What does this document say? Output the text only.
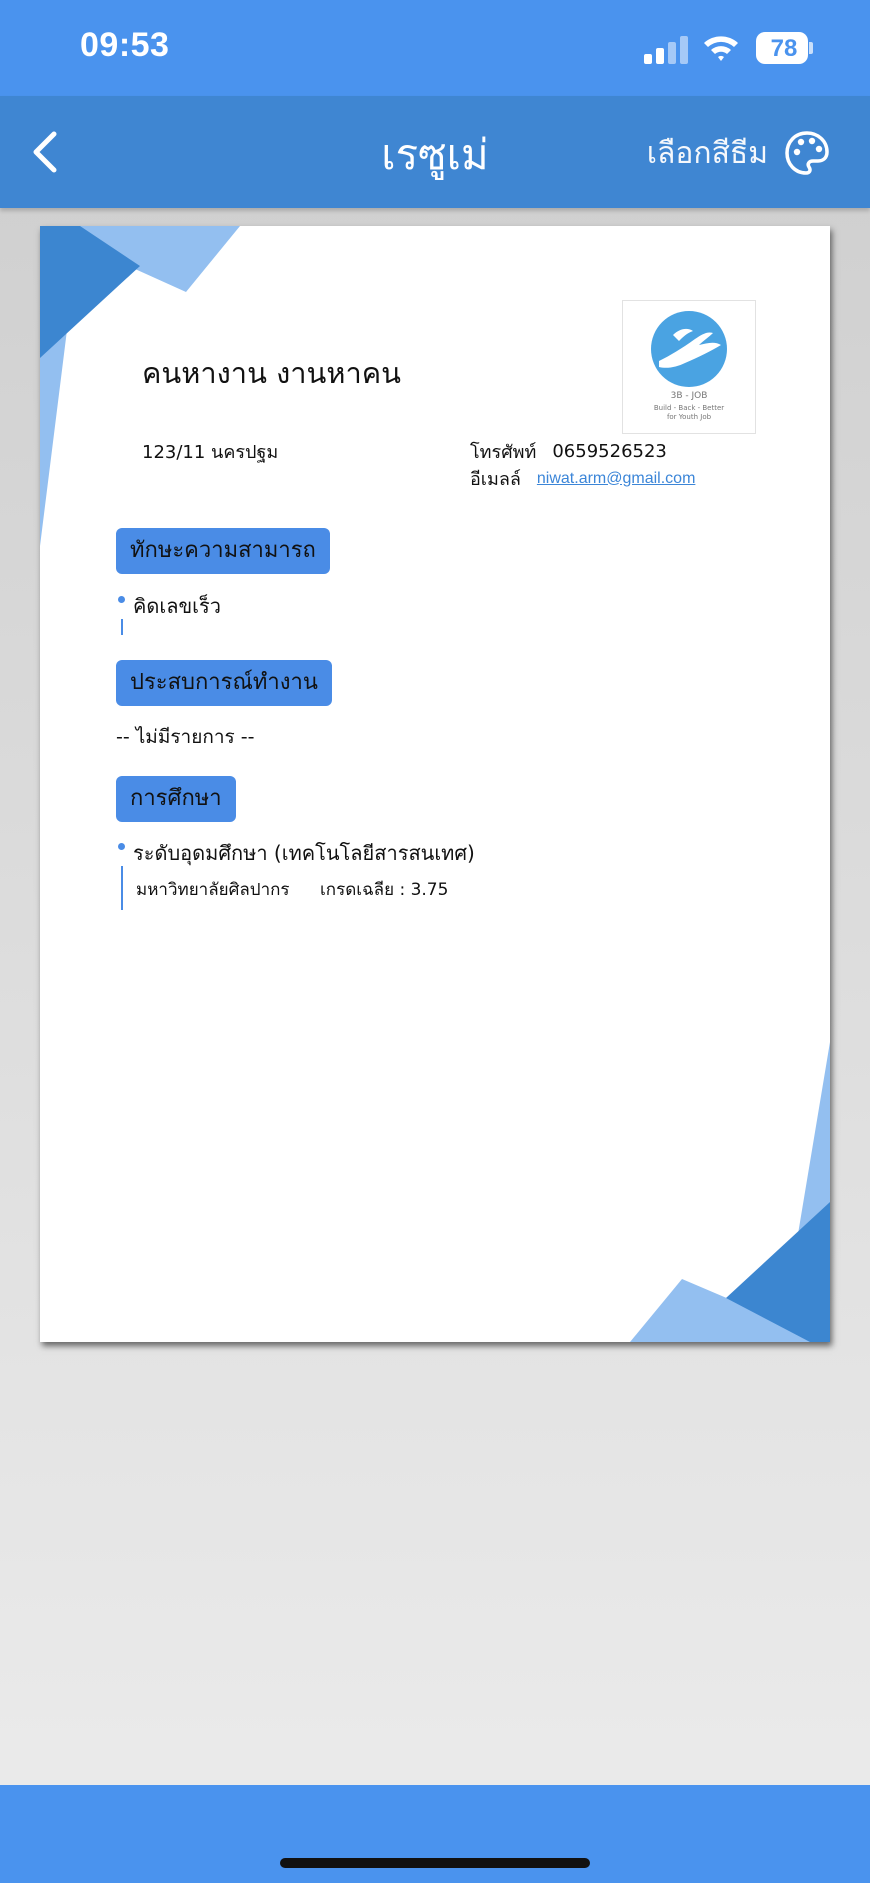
09:53	78
เรซูเม่	เลือกสีธีม
คนหางาน งานหาคน
3B - JOB
Build - Back - Better
for Youth Job
123/11 นครปฐม	โทรศัพท์ 0659526523
อีเมลล์ niwat.arm@gmail.com
ทักษะความสามารถ
คิดเลขเร็ว
ประสบการณ์ทำงาน
-- ไม่มีรายการ --
การศึกษา
ระดับอุดมศึกษา (เทคโนโลยีสารสนเทศ)
มหาวิทยาลัยศิลปากร เกรดเฉลีย : 3.75
